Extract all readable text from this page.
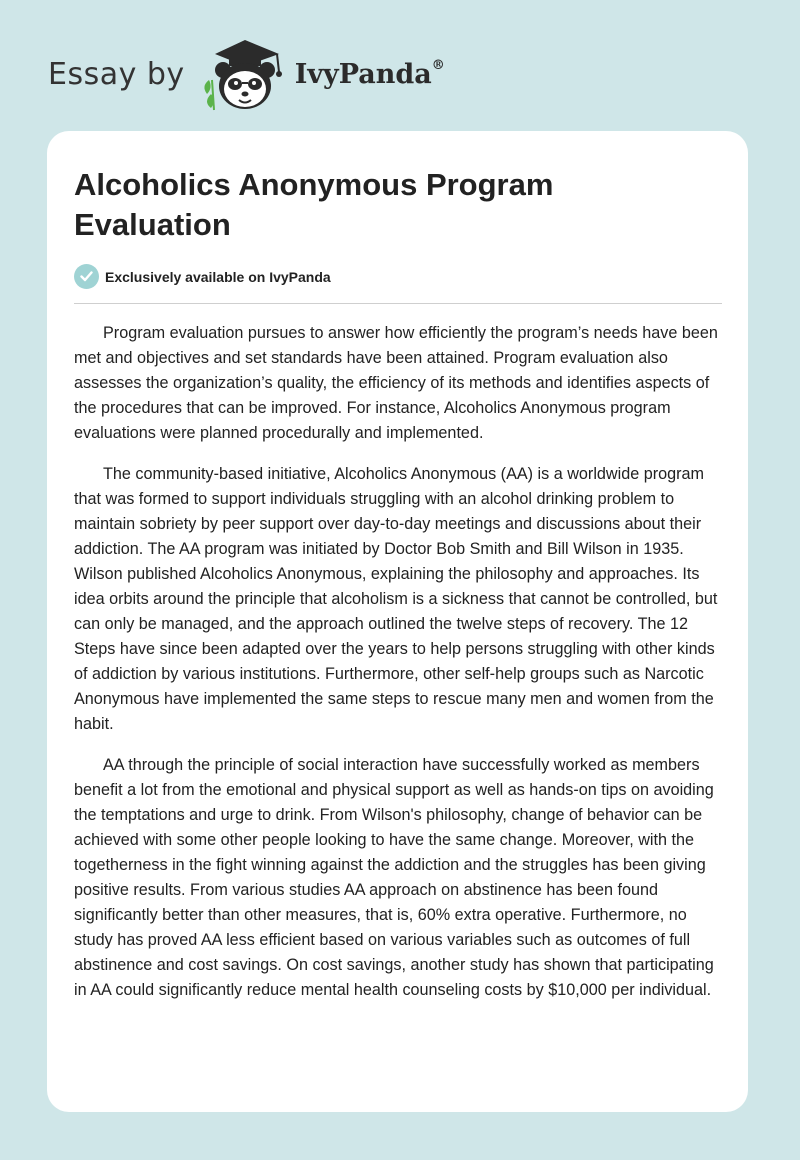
Essay by	IvyPanda®
Alcoholics Anonymous Program Evaluation
Exclusively available on IvyPanda

Program evaluation pursues to answer how efficiently the program’s needs have been met and objectives and set standards have been attained. Program evaluation also assesses the organization’s quality, the efficiency of its methods and identifies aspects of the procedures that can be improved. For instance, Alcoholics Anonymous program evaluations were planned procedurally and implemented.

The community-based initiative, Alcoholics Anonymous (AA) is a worldwide program that was formed to support individuals struggling with an alcohol drinking problem to maintain sobriety by peer support over day-to-day meetings and discussions about their addiction. The AA program was initiated by Doctor Bob Smith and Bill Wilson in 1935. Wilson published Alcoholics Anonymous, explaining the philosophy and approaches. Its idea orbits around the principle that alcoholism is a sickness that cannot be controlled, but can only be managed, and the approach outlined the twelve steps of recovery. The 12 Steps have since been adapted over the years to help persons struggling with other kinds of addiction by various institutions. Furthermore, other self-help groups such as Narcotic Anonymous have implemented the same steps to rescue many men and women from the habit.

AA through the principle of social interaction have successfully worked as members benefit a lot from the emotional and physical support as well as hands-on tips on avoiding the temptations and urge to drink. From Wilson's philosophy, change of behavior can be achieved with some other people looking to have the same change. Moreover, with the togetherness in the fight winning against the addiction and the struggles has been giving positive results. From various studies AA approach on abstinence has been found significantly better than other measures, that is, 60% extra operative. Furthermore, no study has proved AA less efficient based on various variables such as outcomes of full abstinence and cost savings. On cost savings, another study has shown that participating in AA could significantly reduce mental health counseling costs by $10,000 per individual.
